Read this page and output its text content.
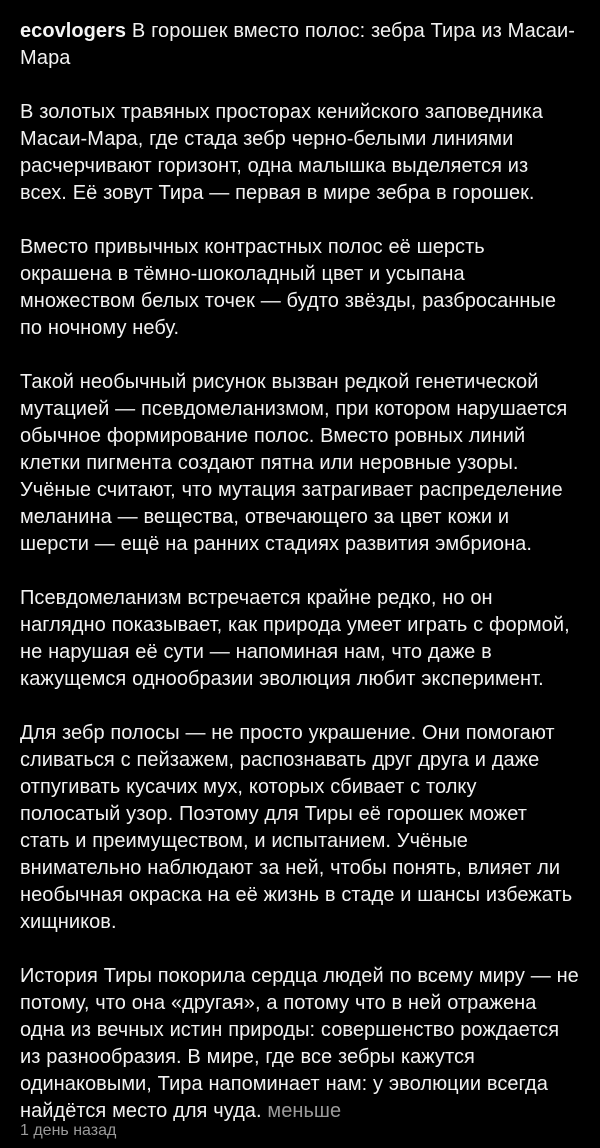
ecovlogers В горошек вместо полос: зебра Тира из Масаи-Мара

В золотых травяных просторах кенийского заповедника Масаи-Мара, где стада зебр черно-белыми линиями расчерчивают горизонт, одна малышка выделяется из всех. Её зовут Тира — первая в мире зебра в горошек.

Вместо привычных контрастных полос её шерсть окрашена в тёмно-шоколадный цвет и усыпана множеством белых точек — будто звёзды, разбросанные по ночному небу.

Такой необычный рисунок вызван редкой генетической мутацией — псевдомеланизмом, при котором нарушается обычное формирование полос. Вместо ровных линий клетки пигмента создают пятна или неровные узоры. Учёные считают, что мутация затрагивает распределение меланина — вещества, отвечающего за цвет кожи и шерсти — ещё на ранних стадиях развития эмбриона.

Псевдомеланизм встречается крайне редко, но он наглядно показывает, как природа умеет играть с формой, не нарушая её сути — напоминая нам, что даже в кажущемся однообразии эволюция любит эксперимент.

Для зебр полосы — не просто украшение. Они помогают сливаться с пейзажем, распознавать друг друга и даже отпугивать кусачих мух, которых сбивает с толку полосатый узор. Поэтому для Тиры её горошек может стать и преимуществом, и испытанием. Учёные внимательно наблюдают за ней, чтобы понять, влияет ли необычная окраска на её жизнь в стаде и шансы избежать хищников.

История Тиры покорила сердца людей по всему миру — не потому, что она «другая», а потому что в ней отражена одна из вечных истин природы: совершенство рождается из разнообразия. В мире, где все зебры кажутся одинаковыми, Тира напоминает нам: у эволюции всегда найдётся место для чуда. меньше

1 день назад
